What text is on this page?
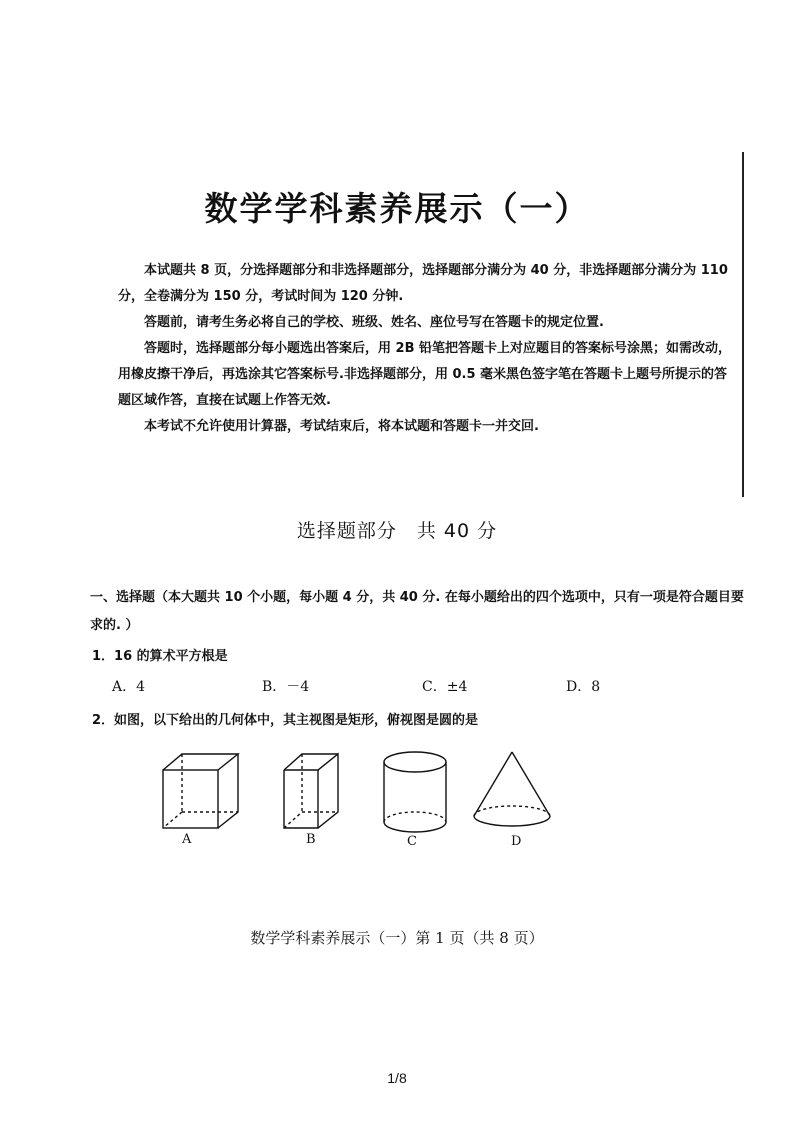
数学学科素养展示（一）

本试题共 8 页，分选择题部分和非选择题部分，选择题部分满分为 40 分，非选择题部分满分为 110 分，全卷满分为 150 分，考试时间为 120 分钟.

答题前，请考生务必将自己的学校、班级、姓名、座位号写在答题卡的规定位置.

答题时，选择题部分每小题选出答案后，用 2B 铅笔把答题卡上对应题目的答案标号涂黑；如需改动，用橡皮擦干净后，再选涂其它答案标号.非选择题部分，用 0.5 毫米黑色签字笔在答题卡上题号所提示的答题区域作答，直接在试题上作答无效.

本考试不允许使用计算器，考试结束后，将本试题和答题卡一并交回.

选择题部分　共 40 分
一、选择题（本大题共 10 个小题，每小题 4 分，共 40 分. 在每小题给出的四个选项中，只有一项是符合题目要求的. ）
1．16 的算术平方根是
A．4	B．－4	C．±4	D．8
2．如图，以下给出的几何体中，其主视图是矩形，俯视图是圆的是
A	B	C	D
数学学科素养展示（一）第 1 页（共 8 页）
1/8
